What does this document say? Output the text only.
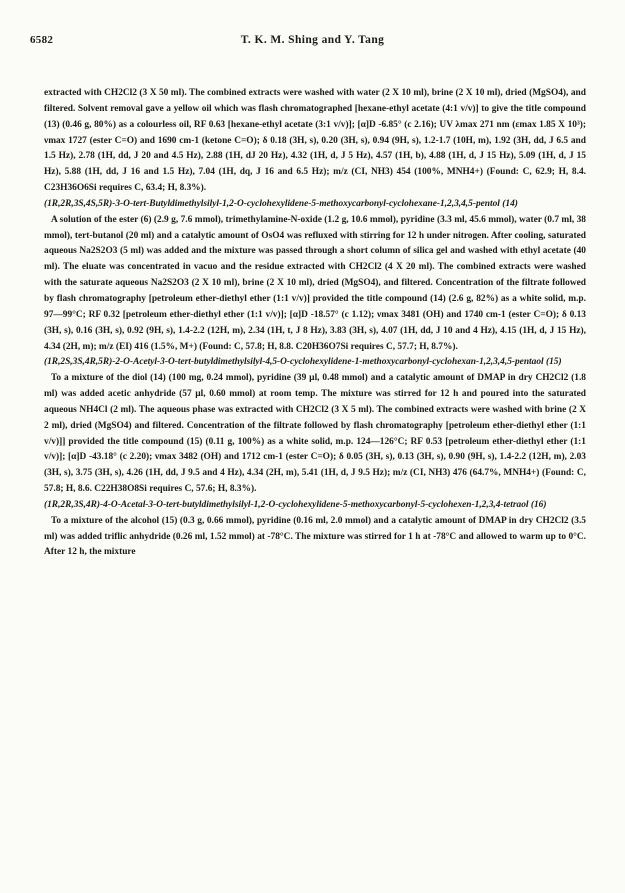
6582	T. K. M. Shing and Y. Tang

extracted with CH2Cl2 (3 X 50 ml). The combined extracts were washed with water (2 X 10 ml), brine (2 X 10 ml), dried (MgSO4), and filtered. Solvent removal gave a yellow oil which was flash chromatographed [hexane-ethyl acetate (4:1 v/v)] to give the title compound (13) (0.46 g, 80%) as a colourless oil, RF 0.63 [hexane-ethyl acetate (3:1 v/v)]; [α]D -6.85° (c 2.16); UV λmax 271 nm (εmax 1.85 X 10³); νmax 1727 (ester C=O) and 1690 cm-1 (ketone C=O); δ 0.18 (3H, s), 0.20 (3H, s), 0.94 (9H, s), 1.2-1.7 (10H, m), 1.92 (3H, dd, J 6.5 and 1.5 Hz), 2.78 (1H, dd, J 20 and 4.5 Hz), 2.88 (1H, dJ 20 Hz), 4.32 (1H, d, J 5 Hz), 4.57 (1H, b), 4.88 (1H, d, J 15 Hz), 5.09 (1H, d, J 15 Hz), 5.88 (1H, dd, J 16 and 1.5 Hz), 7.04 (1H, dq, J 16 and 6.5 Hz); m/z (CI, NH3) 454 (100%, MNH4+) (Found: C, 62.9; H, 8.4. C23H36O6Si requires C, 63.4; H, 8.3%).

(1R,2R,3S,4S,5R)-3-O-tert-Butyldimethylsilyl-1,2-O-cyclohexylidene-5-methoxycarbonyl-cyclohexane-1,2,3,4,5-pentol (14)

A solution of the ester (6) (2.9 g, 7.6 mmol), trimethylamine-N-oxide (1.2 g, 10.6 mmol), pyridine (3.3 ml, 45.6 mmol), water (0.7 ml, 38 mmol), tert-butanol (20 ml) and a catalytic amount of OsO4 was refluxed with stirring for 12 h under nitrogen. After cooling, saturated aqueous Na2S2O3 (5 ml) was added and the mixture was passed through a short column of silica gel and washed with ethyl acetate (40 ml). The eluate was concentrated in vacuo and the residue extracted with CH2Cl2 (4 X 20 ml). The combined extracts were washed with the saturate aqueous Na2S2O3 (2 X 10 ml), brine (2 X 10 ml), dried (MgSO4), and filtered. Concentration of the filtrate followed by flash chromatography [petroleum ether-diethyl ether (1:1 v/v)] provided the title compound (14) (2.6 g, 82%) as a white solid, m.p. 97—99°C; RF 0.32 [petroleum ether-diethyl ether (1:1 v/v)]; [α]D -18.57° (c 1.12); νmax 3481 (OH) and 1740 cm-1 (ester C=O); δ 0.13 (3H, s), 0.16 (3H, s), 0.92 (9H, s), 1.4-2.2 (12H, m), 2.34 (1H, t, J 8 Hz), 3.83 (3H, s), 4.07 (1H, dd, J 10 and 4 Hz), 4.15 (1H, d, J 15 Hz), 4.34 (2H, m); m/z (EI) 416 (1.5%, M+) (Found: C, 57.8; H, 8.8. C20H36O7Si requires C, 57.7; H, 8.7%).

(1R,2S,3S,4R,5R)-2-O-Acetyl-3-O-tert-butyldimethylsilyl-4,5-O-cyclohexylidene-1-methoxycarbonyl-cyclohexan-1,2,3,4,5-pentaol (15)

To a mixture of the diol (14) (100 mg, 0.24 mmol), pyridine (39 µl, 0.48 mmol) and a catalytic amount of DMAP in dry CH2Cl2 (1.8 ml) was added acetic anhydride (57 µl, 0.60 mmol) at room temp. The mixture was stirred for 12 h and poured into the saturated aqueous NH4Cl (2 ml). The aqueous phase was extracted with CH2Cl2 (3 X 5 ml). The combined extracts were washed with brine (2 X 2 ml), dried (MgSO4) and filtered. Concentration of the filtrate followed by flash chromatography [petroleum ether-diethyl ether (1:1 v/v)]] provided the title compound (15) (0.11 g, 100%) as a white solid, m.p. 124—126°C; RF 0.53 [petroleum ether-diethyl ether (1:1 v/v)]; [α]D -43.18° (c 2.20); νmax 3482 (OH) and 1712 cm-1 (ester C=O); δ 0.05 (3H, s), 0.13 (3H, s), 0.90 (9H, s), 1.4-2.2 (12H, m), 2.03 (3H, s), 3.75 (3H, s), 4.26 (1H, dd, J 9.5 and 4 Hz), 4.34 (2H, m), 5.41 (1H, d, J 9.5 Hz); m/z (CI, NH3) 476 (64.7%, MNH4+) (Found: C, 57.8; H, 8.6. C22H38O8Si requires C, 57.6; H, 8.3%).

(1R,2R,3S,4R)-4-O-Acetal-3-O-tert-butyldimethylsilyl-1,2-O-cyclohexylidene-5-methoxycarbonyl-5-cyclohexen-1,2,3,4-tetraol (16)

To a mixture of the alcohol (15) (0.3 g, 0.66 mmol), pyridine (0.16 ml, 2.0 mmol) and a catalytic amount of DMAP in dry CH2Cl2 (3.5 ml) was added triflic anhydride (0.26 ml, 1.52 mmol) at -78°C. The mixture was stirred for 1 h at -78°C and allowed to warm up to 0°C. After 12 h, the mixture
